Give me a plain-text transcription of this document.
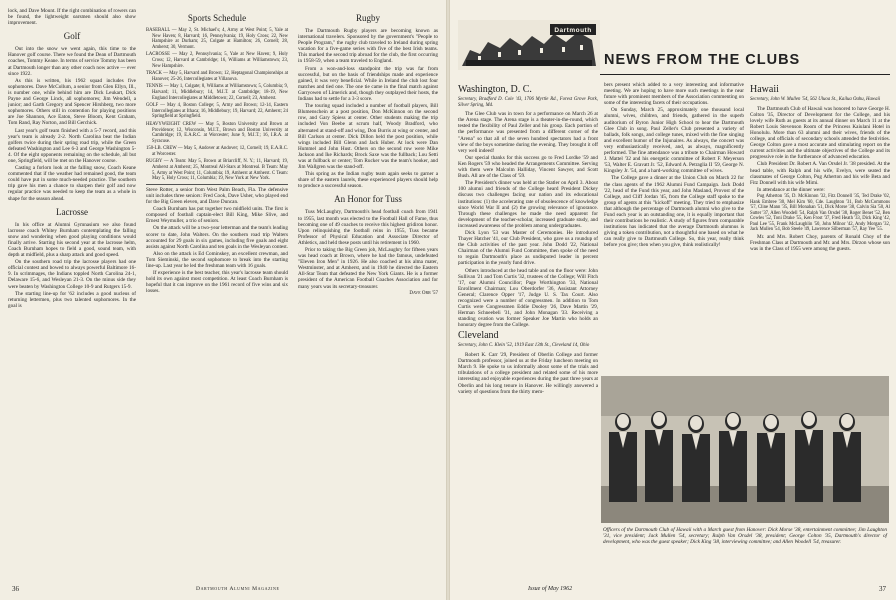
lock, and Dave Mount. If the right combination of rowers can be found, the lightweight oarsmen should also show improvement.

Golf

Out into the snow we went again, this time to the Hanover golf course. There we found the Dean of Dartmouth coaches, Tommy Keane. In terms of service Tommy has been at Dartmouth longer than any other coach now active — ever since 1922.

As this is written, his 1962 squad includes five sophomores. Dave McCollum, a senior from Glen Ellyn, Ill., is number one, while behind him are Dick Leukart, Dick Payne and George Linck, all sophomores; Jim Wendell, a junior; and Garth Gregory and Spencer Hirshberg, two more sophomores. Others still in contention for playing positions are Joe Shannon, Ace Eaton, Steve Bloom, Kent Graham, Tom Rand, Ray Norton, and Bill Gerchick.

Last year's golf team finished with a 5-7 record, and this year's team is already 2-2. North Carolina beat the Indian golfers twice during their spring road trip, while the Green defeated Washington and Lee 6-3 and George Washington 5-4. Of the eight opponents remaining on the schedule, all but one, Springfield, will be met on the Hanover course.

Casting a forlorn look at the falling snow, Coach Keane commented that if the weather had remained good, the team could have put in some much-needed practice. The southern trip gave his men a chance to sharpen their golf and now regular practice was needed to keep the team as a whole in shape for the season ahead.

Lacrosse

In his office at Alumni Gymnasium we also found lacrosse coach Whitey Burnham contemplating the falling snow and wondering when good playing conditions would finally arrive. Starting his second year at the lacrosse helm, Coach Burnham hopes to field a good, sound team, with depth at midfield, plus a sharp attack and good speed.

On the southern road trip the lacrosse players had one official contest and bowed to always powerful Baltimore 16-9. In scrimmages, the Indians toppled North Carolina 24-1, Delaware 15-6, and Wesleyan 21-3. On the minus side they were beaten by Washington College 10-9 and Rutgers 15-9.

The starting line-up for '62 includes a good nucleus of returning lettermen, plus two talented sophomores. In the goal is

Sports Schedule

BASEBALL — May 2, St. Michael's; 4, Army at West Point; 5, Yale at New Haven; 8, Harvard; 16, Pennsylvania; 19, Holy Cross; 22, New Hampshire at Durham; 25, Colgate at Hamilton; 26, Cornell; 28, Amherst; 30, Vermont.

LACROSSE — May 2, Pennsylvania; 5, Yale at New Haven; 9, Holy Cross; 12, Harvard at Cambridge; 16, Williams at Williamstown; 23, New Hampshire.

TRACK — May 5, Harvard and Brown; 12, Heptagonal Championships at Hanover; 25-26, Intercollegiates at Villanova.

TENNIS — May 1, Colgate; 8, Williams at Williamstown; 5, Columbia; 9, Harvard; 11, Middlebury; 14, M.I.T. at Cambridge; 18-19, New England Intercollegiates at Middletown; 22, Cornell; 23, Amherst.

GOLF — May 4, Boston College; 5, Army and Brown; 12-14, Eastern Intercollegiates at Ithaca; 16, Middlebury; 19, Harvard; 22, Amherst; 24 Springfield at Springfield.

HEAVYWEIGHT CREW — May 5, Boston University and Brown at Providence; 12, Wisconsin, M.I.T., Brown and Boston University at Cambridge; 19, E.A.R.C. at Worcester; June 9, M.I.T.; 16, I.R.A. at Syracuse.

150-LB. CREW — May 5, Andover at Andover; 12, Cornell; 19, E.A.R.C. at Worcester.

RUGBY — A Team: May 5, Brown at Briarcliff, N. Y.; 11, Harvard; 19, Amherst at Amherst; 25, Montreal All-Stars at Montreal. B Team: May 5, Army at West Point; 11, Columbia; 19, Amherst at Amherst. C Team: May 5, Holy Cross; 11, Columbia; 19, New York at New York.

Steve Rotter, a senior from West Palm Beach, Fla. The defensive unit includes three seniors: Fred Cook, Dave Usher, who played end for the Big Green eleven, and Dave Duncan.

Coach Burnham has put together two midfield units. The first is composed of football captain-elect Bill King, Mike Slive, and Ernest Weymuller, a trio of seniors.

On the attack will be a two-year letterman and the team's leading scorer to date, John Walters. On the southern road trip Walters accounted for 29 goals in six games, including five goals and eight assists against North Carolina and ten goals in the Wesleyan contest.

Also on the attack is Ed Cominskey, an excellent crewman, and Tom Sieminski, the second sophomore to break into the starting line-up. Last year he led the freshman team with 16 goals.

If experience is the best teacher, this year's lacrosse team should hold its own against most competition. At least Coach Burnham is hopeful that it can improve on the 1961 record of five wins and six losses.

Rugby

The Dartmouth Rugby players are becoming known as international travelers. Sponsored by the government's "People to People Program," the rugby club traveled to Ireland during spring vacation for a five-game series with five of the best Irish teams. This marked the second trip abroad for the club, the first occurring in 1958-59, when a team traveled to England.

From a won-and-loss standpoint the trip was far from successful, but on the basis of friendships made and experience gained, it was very beneficial. While in Ireland the club lost four matches and tied one. The one tie came in the final match against Garryowen of Limerick and, though they outplayed their hosts, the Indians had to settle for a 3-3 score.

The touring squad included a number of football players, Bill Blumenschein at a post position, Don McKinnon on the second row, and Gary Spiess at center. Other students making the trip included Von Beebe at scrum half, Woody Bradford, who alternated at stand-off and wing, Don Burris at wing or center, and Bill Carlson at center. Dick Dillon held the post position, while wings included Bill Glenn and Jack Huber. At lock were Dan Hummel and John Hust. Others on the second row were Mike Jackson and Ike Richards; Brock Saxe was the fullback; Lou Setti was at fullback or center; Tom Rucker was the team's hooker, and Jim Wallgren was the stand-off.

This spring as the Indian rugby team again seeks to garner a share of the eastern laurels, these experienced players should help to produce a successful season.

An Honor for Tuss

Tuss McLaughry, Dartmouth's head football coach from 1941 to 1955, last month was elected to the Football Hall of Fame, thus becoming one of 49 coaches to receive this highest gridiron honor. Upon relinquishing the football reins in 1955, Tuss became Professor of Physical Education and Associate Director of Athletics, and held these posts until his retirement in 1960.

Prior to taking the Big Green job, McLaughry for fifteen years was head coach at Brown, where he had the famous, undefeated "Eleven Iron Men" in 1926. He also coached at his alma mater, Westminster, and at Amherst, and in 1940 he directed the Eastern All-Star Team that defeated the New York Giants. He is a former president of the American Football Coaches Association and for many years was its secretary-treasurer.

Dave Orr '57
36	Dartmouth Alumni Magazine
Dartmouth
NEWS FROM THE CLUBS
Washington, D. C.
Secretary, Bradford D. Cole '43, 1706 Myrtle Rd., Forest Grove Park, Silver Spring, Md.

The Glee Club was in town for a performance on March 26 at the Arena stage. The Arena stage is a theater-in-the-round, which tested the flexibility of Paul Zeller and his group. Each portion of the performance was presented from a different corner of the "Arena" so that all of the seven hundred spectators had a front view of the boys sometime during the evening. They brought it off very well indeed!

Our special thanks for this success go to Fred Lordke '59 and Ken Rogers '59 who headed the Arrangements Committee. Serving with them were Malcolm Halliday, Vincent Sawyer, and Scott Bush. All are of the Class of '59.

The President's dinner was held at the Statler on April 3. About 100 alumni and friends of the College heard President Dickey discuss two challenges facing our nation and its educational institutions: (1) the accelerating rate of obsolescence of knowledge since World War II and (2) the growing relevance of ignorance. Through these challenges he made the need apparent for development of the teacher-scholar, increased graduate study, and increased awareness of the problem among undergraduates.

Dick Lyon '53 was Master of Ceremonies. He introduced Thayer Hatcher '41, our Club President, who gave us a roundup of the Club activities of the past year. John Dodd '22, National Chairman of the Alumni Fund Committee, then spoke of the need to regain Dartmouth's place as undisputed leader in percent participation in the yearly fund drive.

Others introduced at the head table and on the floor were: John Sullivan '21 and Tom Curtis '32, trustees of the College; Will Fitch '17, our Alumni Councillor; Page Worthington '33, National Enrollment Chairman; Lou Oberdorfer '36, Assistant Attorney General; Clarence Opper '17, Judge U. S. Tax Court. Also recognized were a number of congressmen. In addition to Tom Curtis were Congressmen Eddie Dooley '26, Dave Martin '29, Herman Schneebeli '31, and John Monagan '33. Receiving a standing ovation was former Speaker Joe Martin who holds an honorary degree from the College.

Cleveland
Secretary, John C. Klein '52, 1919 East 13th St., Cleveland 14, Ohio

Robert K. Carr '29, President of Oberlin College and former Dartmouth professor, joined us at the Friday luncheon meeting on March 9. He spoke to us informally about some of the trials and tribulations of a college president and related some of his more interesting and enjoyable experiences during the past three years at Oberlin and his long tenure in Hanover. He willingly answered a variety of questions from the thirty mem-

bers present which added to a very interesting and informative meeting. We are hoping to have more such meetings in the near future with prominent members of the Association commenting on some of the interesting facets of their occupations.

On Sunday, March 25, approximately one thousand local alumni, wives, children, and friends, gathered in the superb auditorium of Byron Junior High School to hear the Dartmouth Glee Club in song. Paul Zeller's Club presented a variety of ballads, folk songs, and college tunes, mixed with the fine singing and excellent humor of the Injunaires. As always, the concert was very enthusiastically received, and, as always, magnificently performed. The fine attendance was a tribute to Chairman Howard J. Mattel '32 and his energetic committee of Robert F. Meyerson '53, Walter E. Gravatt Jr. '52, Edward A. Petraglia II '59, George N. Kingsley Jr. '54, and a hard-working committee of wives.

The College gave a dinner at the Union Club on March 22 for the class agents of the 1962 Alumni Fund Campaign. Jack Dodd '22, head of the Fund this year, and John Masland, Provost of the College, and Cliff Jordan '45, from the College staff spoke to the group of agents at this "kickoff" meeting. They tried to emphasize that although the percentage of Dartmouth alumni who give to the Fund each year is an outstanding one, it is equally important that their contributions be realistic. A study of figures from comparable institutions has indicated that the average Dartmouth alumnus is giving a token contribution, not a thoughtful one based on what he can really give to Dartmouth College. So, this year, really think before you give; then when you give, think realistically!

Hawaii
Secretary, John W. Mullen '54, 562 Uluoa St., Kailua Oahu, Hawaii

The Dartmouth Club of Hawaii was honored to have George H. Colton '35, Director of Development for the College, and his lovely wife Ruth as guests at its annual dinner on March 11 at the Robert Louis Stevenson Room of the Princess Kaiulani Hotel in Honolulu. More than 63 alumni and their wives, friends of the college, and officials of secondary schools attended the festivities. George Colton gave a most accurate and stimulating report on the current activities and the ultimate objectives of the College and its progressive role in the furtherance of advanced education.

Club President Dr. Robert A. Van Orsdel Jr. '38 presided. At the head table, with Ralph and his wife, Evelyn, were seated the classmates of George Colton, Pug Atherton and his wife Beta and Fitz Donnell with his wife Mimi.

In attendance at the dinner were:

Pug Atherton '35, D. McKinnon '32, Fitz Donnell '35, Ted Drake '02, Hank Embree '30, Mel Kim '60, Cde. Laughton '31, Bob McCommons '57, Cline Mann '35, Bill Monahan '51, Dick Morse '38, Calvin Sia '50, Al Sutter '37, Allen Woodell '54, Ralph Van Orsdel '38, Roger Benet '52, Ben Cowles '52, Toni Drake '55, Ken Frost '37, Fred Heath '33, Dick King '42, Paul Lee '55, Frank McLaughlin '50, John Milnor '42, Andy Morgan '32, Jack Mullen '54, Bob Steele '49, Lawrence Silberman '57, Ray Yee '55.

Mr. and Mrs. Robert Choy, parents of Ronald Choy of the Freshman Class at Dartmouth and Mr. and Mrs. Dirzon whose son was in the Class of 1955 were among the guests.

Officers of the Dartmouth Club of Hawaii with a March guest from Hanover: Dick Morse '38, entertainment committee; Jim Laughton '31, vice president; Jack Mullen '54, secretary; Ralph Van Orsdel '38, president; George Colton '35, Dartmouth's director of development, who was the guest speaker; Dick King '38, interviewing committee; and Allen Woodell '54, treasurer.
Issue of May 1962	37
